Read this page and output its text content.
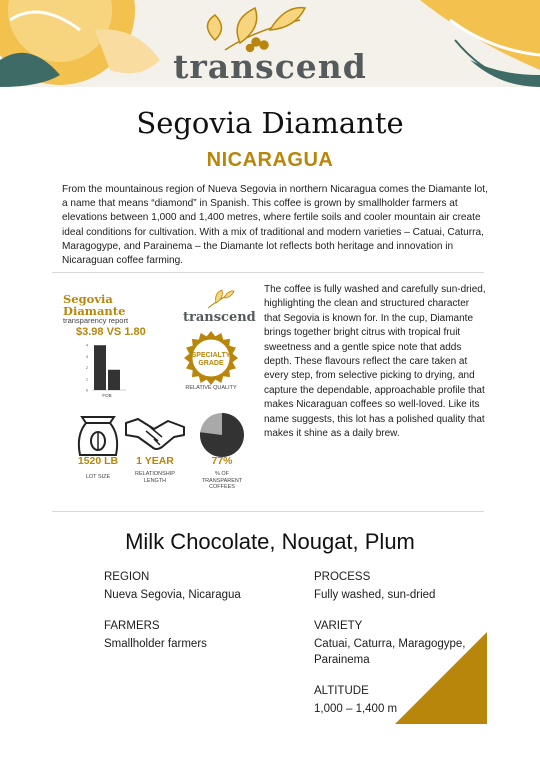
transcend
Segovia Diamante
NICARAGUA
From the mountainous region of Nueva Segovia in northern Nicaragua comes the Diamante lot, a name that means “diamond” in Spanish. This coffee is grown by smallholder farmers at elevations between 1,000 and 1,400 metres, where fertile soils and cooler mountain air create ideal conditions for cultivation. With a mix of traditional and modern varieties – Catuai, Caturra, Maragogype, and Parainema – the Diamante lot reflects both heritage and innovation in Nicaraguan coffee farming.
Segovia
Diamante
transparency report
$3.98 VS 1.80
4
3
2
1
0
FOB
transcend
SPECIALTY
GRADE
RELATIVE QUALITY
1520 LB
LOT SIZE
1 YEAR
RELATIONSHIP
LENGTH
77%
% OF
TRANSPARENT
COFFEES
The coffee is fully washed and carefully sun-dried, highlighting the clean and structured character that Segovia is known for. In the cup, Diamante brings together bright citrus with tropical fruit sweetness and a gentle spice note that adds depth. These flavours reflect the care taken at every step, from selective picking to drying, and capture the dependable, approachable profile that makes Nicaraguan coffees so well-loved. Like its name suggests, this lot has a polished quality that makes it shine as a daily brew.
Milk Chocolate, Nougat, Plum
REGION
Nueva Segovia, Nicaragua
PROCESS
Fully washed, sun-dried
FARMERS
Smallholder farmers
VARIETY
Catuai, Caturra, Maragogype,
Parainema
ALTITUDE
1,000 – 1,400 m
